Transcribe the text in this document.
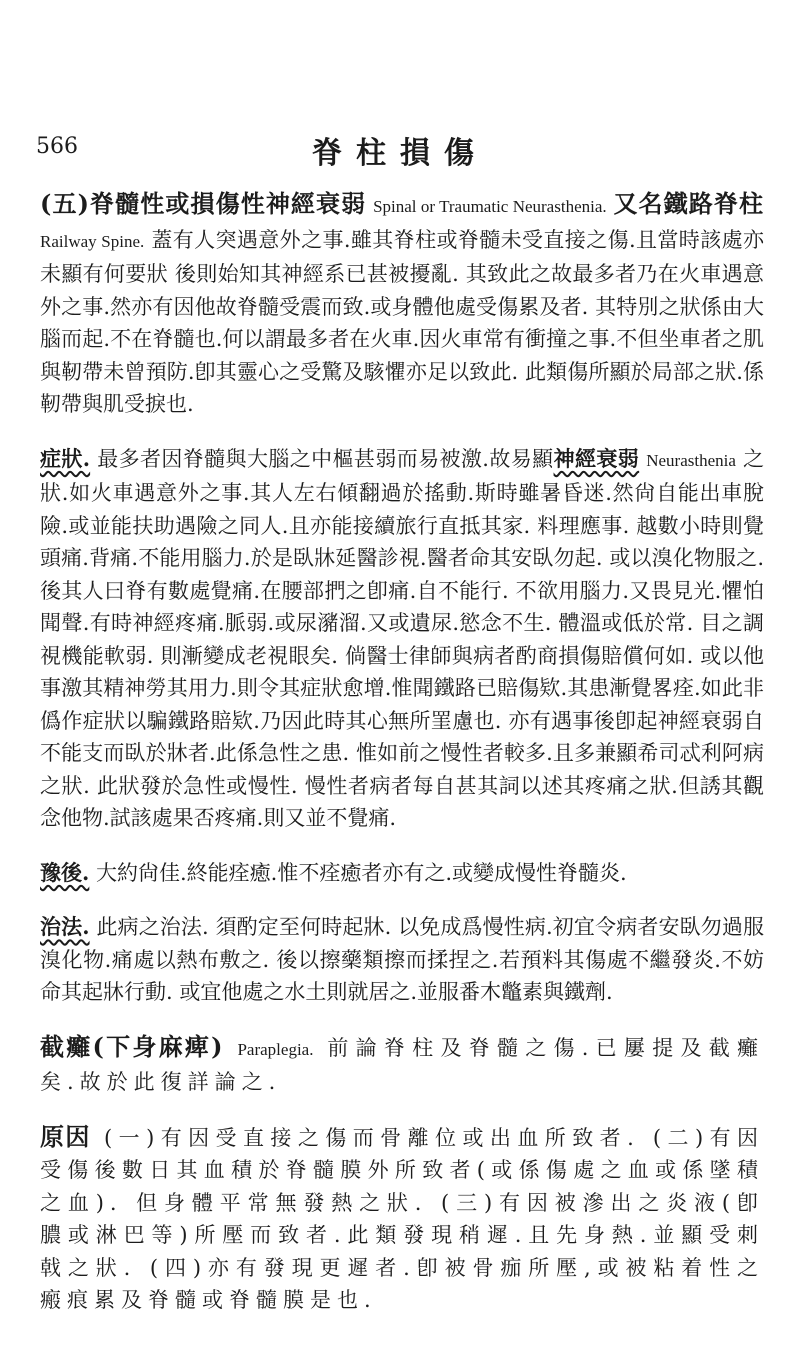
566	脊柱損傷

(五)脊髓性或損傷性神經衰弱 Spinal or Traumatic Neurasthenia. 又名鐵路脊柱 Railway Spine. 蓋有人突遇意外之事.雖其脊柱或脊髓未受直接之傷.且當時該處亦未顯有何要狀 後則始知其神經系已甚被擾亂. 其致此之故最多者乃在火車遇意外之事.然亦有因他故脊髓受震而致.或身體他處受傷累及者. 其特別之狀係由大腦而起.不在脊髓也.何以謂最多者在火車.因火車常有衝撞之事.不但坐車者之肌與靭帶未曾預防.卽其靈心之受驚及駭懼亦足以致此. 此類傷所顯於局部之狀.係靭帶與肌受捩也.

症狀. 最多者因脊髓與大腦之中樞甚弱而易被激.故易顯神經衰弱 Neurasthenia 之狀.如火車遇意外之事.其人左右傾翻過於搖動.斯時雖暑昏迷.然尙自能出車脫險.或並能扶助遇險之同人.且亦能接續旅行直抵其家. 料理應事. 越數小時則覺頭痛.背痛.不能用腦力.於是臥牀延醫診視.醫者命其安臥勿起. 或以溴化物服之.後其人曰脊有數處覺痛.在腰部捫之卽痛.自不能行. 不欲用腦力.又畏見光.懼怕聞聲.有時神經疼痛.脈弱.或尿瀦溜.又或遺尿.慾念不生. 體溫或低於常. 目之調視機能軟弱. 則漸變成老視眼矣. 倘醫士律師與病者酌商損傷賠償何如. 或以他事激其精神勞其用力.則令其症狀愈增.惟聞鐵路已賠傷欵.其患漸覺畧痊.如此非僞作症狀以騙鐵路賠欵.乃因此時其心無所罣慮也. 亦有遇事後卽起神經衰弱自不能支而臥於牀者.此係急性之患. 惟如前之慢性者較多.且多兼顯希司忒利阿病之狀. 此狀發於急性或慢性. 慢性者病者每自甚其詞以述其疼痛之狀.但誘其觀念他物.試該處果否疼痛.則又並不覺痛.

豫後. 大約尙佳.終能痊癒.惟不痊癒者亦有之.或變成慢性脊髓炎.

治法. 此病之治法. 須酌定至何時起牀. 以免成爲慢性病.初宜令病者安臥勿過服溴化物.痛處以熱布敷之. 後以擦藥類擦而揉捏之.若預料其傷處不繼發炎.不妨命其起牀行動. 或宜他處之水土則就居之.並服番木鼈素與鐵劑.

截癱(下身麻痺) Paraplegia. 前論脊柱及脊髓之傷.已屢提及截癱矣.故於此復詳論之.

原因 (一)有因受直接之傷而骨離位或出血所致者. (二)有因受傷後數日其血積於脊髓膜外所致者(或係傷處之血或係墜積之血). 但身體平常無發熱之狀. (三)有因被滲出之炎液(卽膿或淋巴等)所壓而致者.此類發現稍遲.且先身熱.並顯受刺戟之狀. (四)亦有發現更遲者.卽被骨痂所壓,或被粘着性之瘢痕累及脊髓或脊髓膜是也.
